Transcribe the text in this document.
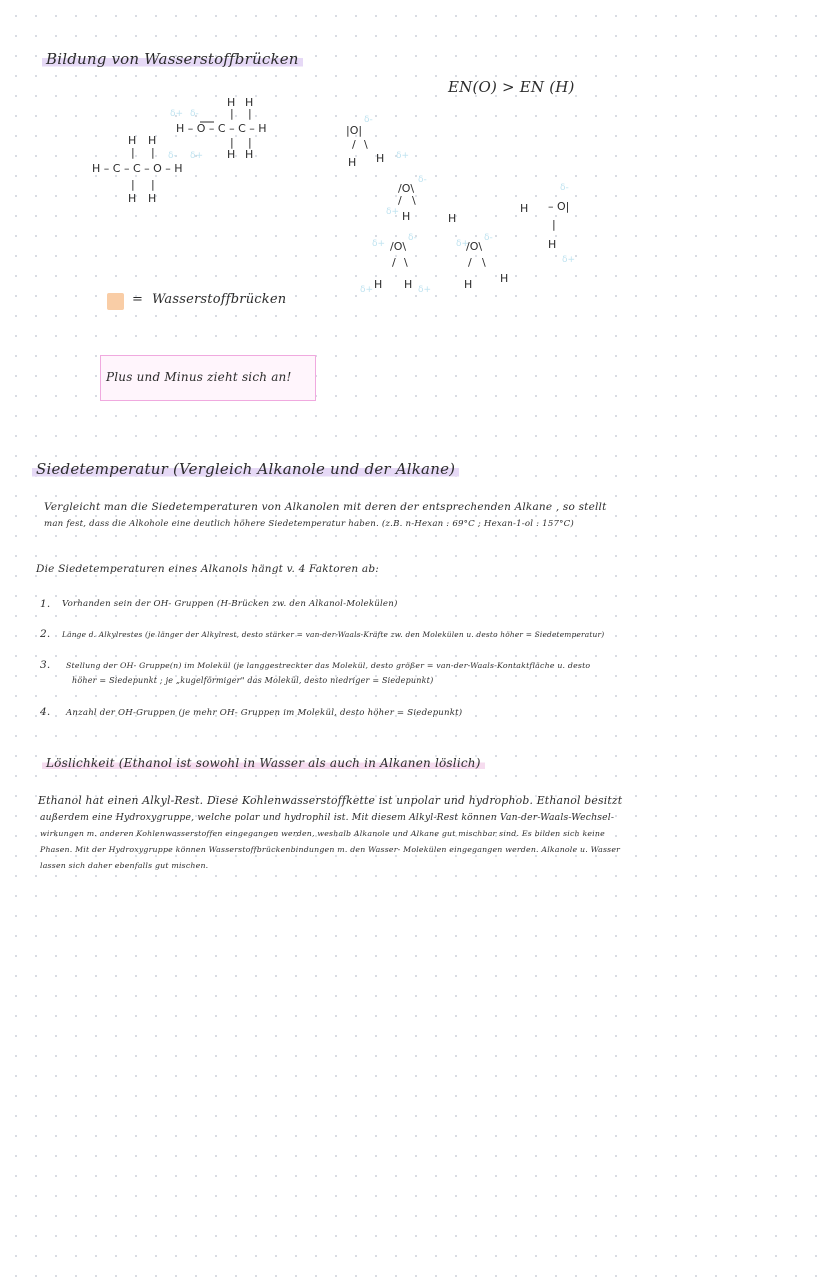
Bildung von Wasserstoffbrücken
EN(O) > EN (H)
H H
| |
H – C – C – O – H
| |
H H
δ- δ+
H H
| |
H – O – C – C – H
| |
H H
δ+ δ-
|O|
/ \
H H
/O\
/ \
H	H
/O\
/ \
H H
/O\
/ \
H	H
– O|
H
|
H
δ-
δ+
δ-
δ+
δ+
δ-
δ+
δ-
δ+	δ+
δ-
δ+
= Wasserstoffbrücken
Plus und Minus zieht sich an!
Siedetemperatur (Vergleich Alkanole und der Alkane)
Vergleicht man die Siedetemperaturen von Alkanolen mit deren der entsprechenden Alkane , so stellt
man fest, dass die Alkohole eine deutlich höhere Siedetemperatur haben. (z.B. n-Hexan : 69°C ; Hexan-1-ol : 157°C)
Die Siedetemperaturen eines Alkanols hängt v. 4 Faktoren ab:
1. Vorhanden sein der OH- Gruppen (H-Brücken zw. den Alkanol-Molekülen)
2. Länge d. Alkylrestes (je länger der Alkylrest, desto stärker = van-der-Waals-Kräfte zw. den Molekülen u. desto höher = Siedetemperatur)
3. Stellung der OH- Gruppe(n) im Molekül (je langgestreckter das Molekül, desto größer = van-der-Waals-Kontaktfläche u. desto
höher = Siedepunkt ; je „kugelförmiger" das Molekül, desto niedriger = Siedepunkt)
4. Anzahl der OH-Gruppen (je mehr OH- Gruppen im Molekül, desto höher = Siedepunkt)
Löslichkeit (Ethanol ist sowohl in Wasser als auch in Alkanen löslich)
Ethanol hat einen Alkyl-Rest. Diese Kohlenwasserstoffkette ist unpolar und hydrophob. Ethanol besitzt
außerdem eine Hydroxygruppe, welche polar und hydrophil ist. Mit diesem Alkyl-Rest können Van-der-Waals-Wechsel-
wirkungen m. anderen Kohlenwasserstoffen eingegangen werden, weshalb Alkanole und Alkane gut mischbar sind. Es bilden sich keine
Phasen. Mit der Hydroxygruppe können Wasserstoffbrückenbindungen m. den Wasser- Molekülen eingegangen werden. Alkanole u. Wasser
lassen sich daher ebenfalls gut mischen.
